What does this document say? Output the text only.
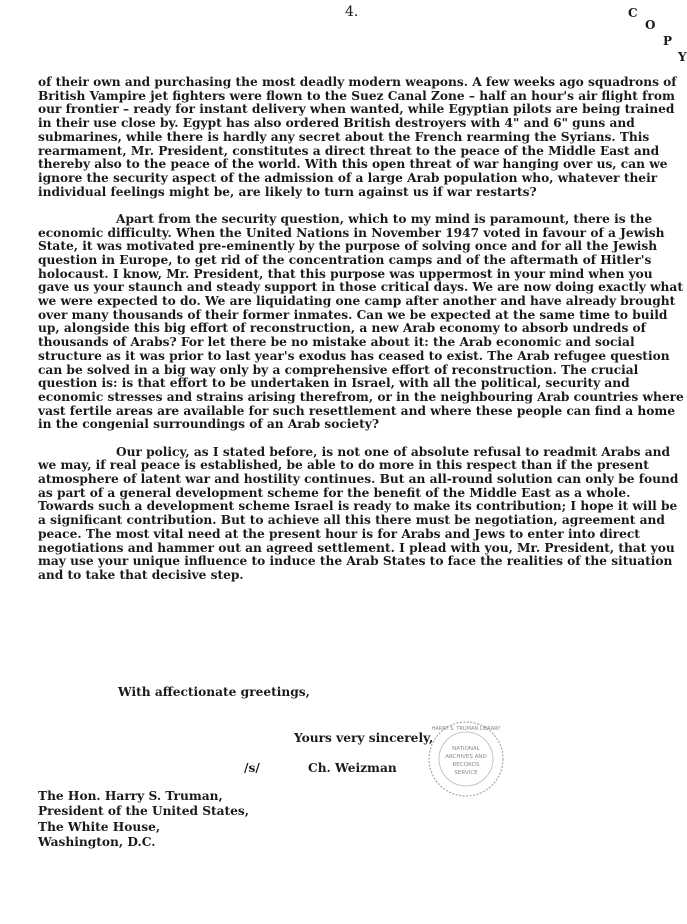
4.	C
O
P
Y

of their own and purchasing the most deadly modern weapons. A few weeks ago squadrons of British Vampire jet fighters were flown to the Suez Canal Zone – half an hour's air flight from our frontier – ready for instant delivery when wanted, while Egyptian pilots are being trained in their use close by. Egypt has also ordered British destroyers with 4" and 6" guns and submarines, while there is hardly any secret about the French rearming the Syrians. This rearmament, Mr. President, constitutes a direct threat to the peace of the Middle East and thereby also to the peace of the world. With this open threat of war hanging over us, can we ignore the security aspect of the admission of a large Arab population who, whatever their individual feelings might be, are likely to turn against us if war restarts?

Apart from the security question, which to my mind is paramount, there is the economic difficulty. When the United Nations in November 1947 voted in favour of a Jewish State, it was motivated pre-eminently by the purpose of solving once and for all the Jewish question in Europe, to get rid of the concentration camps and of the aftermath of Hitler's holocaust. I know, Mr. President, that this purpose was uppermost in your mind when you gave us your staunch and steady support in those critical days. We are now doing exactly what we were expected to do. We are liquidating one camp after another and have already brought over many thousands of their former inmates. Can we be expected at the same time to build up, alongside this big effort of reconstruction, a new Arab economy to absorb undreds of thousands of Arabs? For let there be no mistake about it: the Arab economic and social structure as it was prior to last year's exodus has ceased to exist. The Arab refugee question can be solved in a big way only by a comprehensive effort of reconstruction. The crucial question is: is that effort to be undertaken in Israel, with all the political, security and economic stresses and strains arising therefrom, or in the neighbouring Arab countries where vast fertile areas are available for such resettlement and where these people can find a home in the congenial surroundings of an Arab society?

Our policy, as I stated before, is not one of absolute refusal to readmit Arabs and we may, if real peace is established, be able to do more in this respect than if the present atmosphere of latent war and hostility continues. But an all-round solution can only be found as part of a general development scheme for the benefit of the Middle East as a whole. Towards such a development scheme Israel is ready to make its contribution; I hope it will be a significant contribution. But to achieve all this there must be negotiation, agreement and peace. The most vital need at the present hour is for Arabs and Jews to enter into direct negotiations and hammer out an agreed settlement. I plead with you, Mr. President, that you may use your unique influence to induce the Arab States to face the realities of the situation and to take that decisive step.

With affectionate greetings,

Yours very sincerely,

/s/	Ch. Weizman

The Hon. Harry S. Truman,
President of the United States,
The White House,
Washington, D.C.
HARRY S. TRUMAN LIBRARY
NATIONAL
ARCHIVES AND
RECORDS
SERVICE
